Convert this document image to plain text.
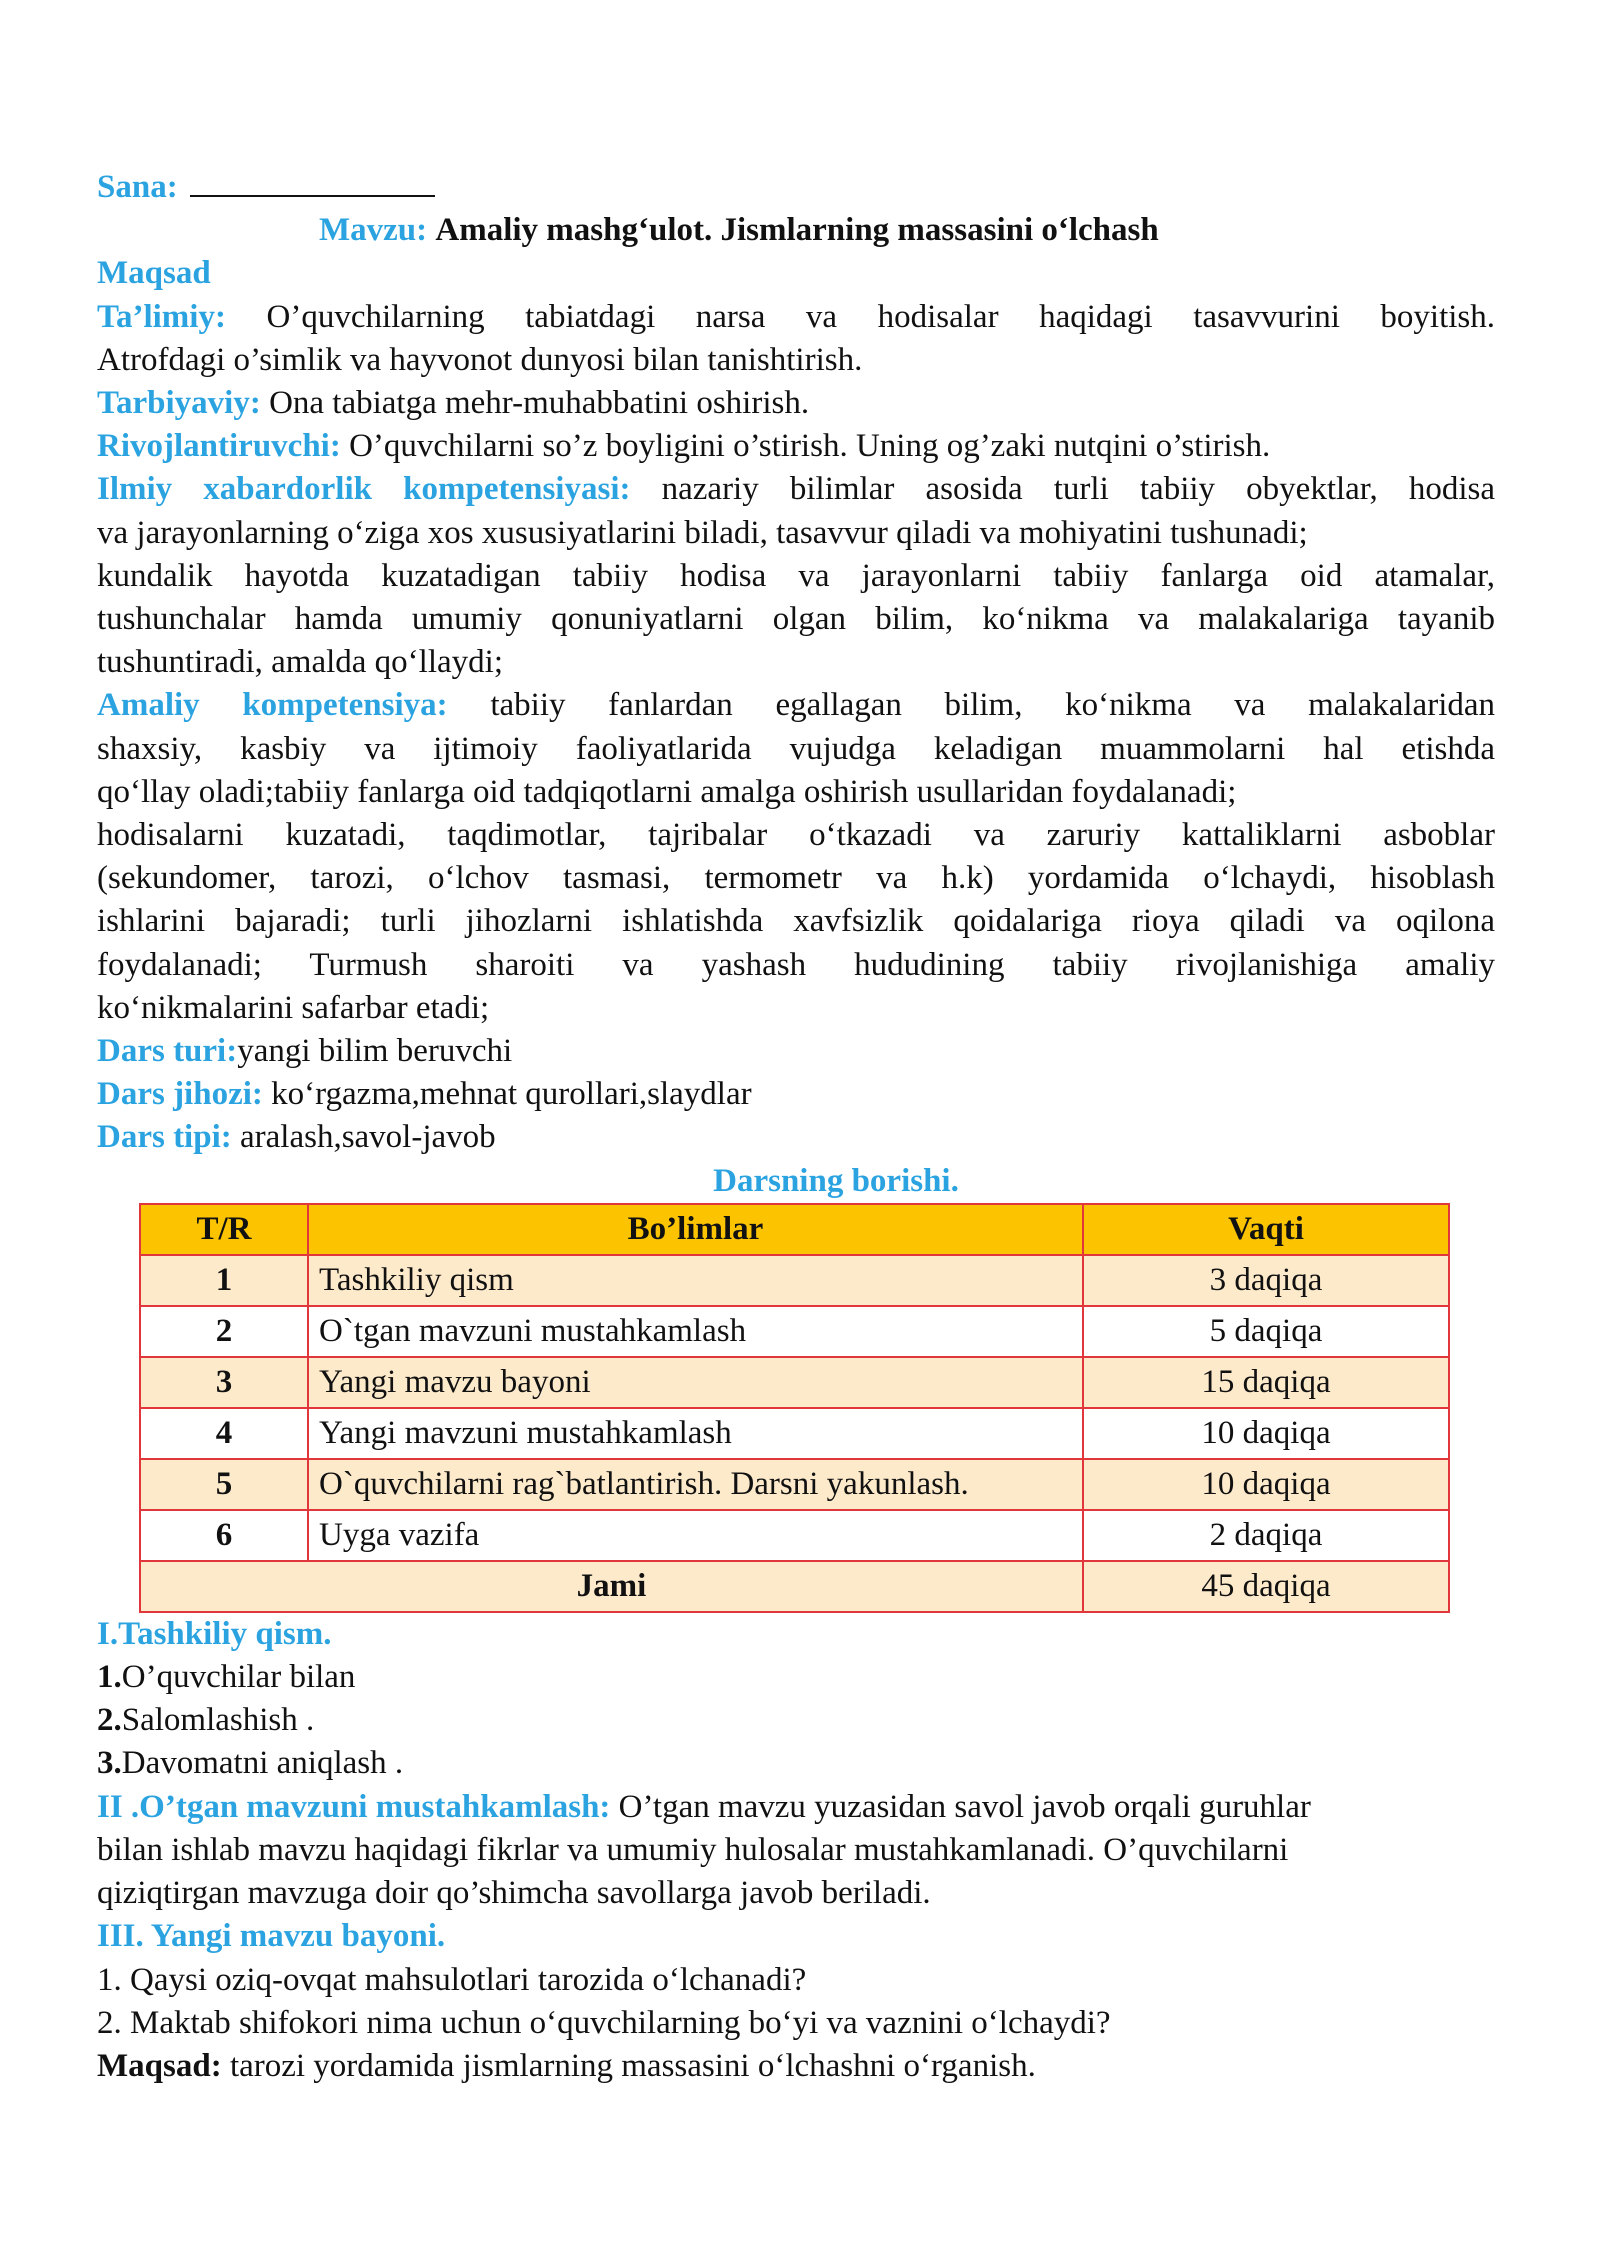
Sana:
Mavzu: Amaliy mashg‘ulot. Jismlarning massasini o‘lchash
Maqsad
Ta’limiy: O’quvchilarning tabiatdagi narsa va hodisalar haqidagi tasavvurini boyitish.
Atrofdagi o’simlik va hayvonot dunyosi bilan tanishtirish.
Tarbiyaviy: Ona tabiatga mehr-muhabbatini oshirish.
Rivojlantiruvchi: O’quvchilarni so’z boyligini o’stirish. Uning og’zaki nutqini o’stirish.
Ilmiy xabardorlik kompetensiyasi: nazariy bilimlar asosida turli tabiiy obyektlar, hodisa
va jarayonlarning o‘ziga xos xususiyatlarini biladi, tasavvur qiladi va mohiyatini tushunadi;
kundalik hayotda kuzatadigan tabiiy hodisa va jarayonlarni tabiiy fanlarga oid atamalar,
tushunchalar hamda umumiy qonuniyatlarni olgan bilim, ko‘nikma va malakalariga tayanib
tushuntiradi, amalda qo‘llaydi;
Amaliy kompetensiya: tabiiy fanlardan egallagan bilim, ko‘nikma va malakalaridan
shaxsiy, kasbiy va ijtimoiy faoliyatlarida vujudga keladigan muammolarni hal etishda
qo‘llay oladi;tabiiy fanlarga oid tadqiqotlarni amalga oshirish usullaridan foydalanadi;
hodisalarni kuzatadi, taqdimotlar, tajribalar o‘tkazadi va zaruriy kattaliklarni asboblar
(sekundomer, tarozi, o‘lchov tasmasi, termometr va h.k) yordamida o‘lchaydi, hisoblash
ishlarini bajaradi; turli jihozlarni ishlatishda xavfsizlik qoidalariga rioya qiladi va oqilona
foydalanadi; Turmush sharoiti va yashash hududining tabiiy rivojlanishiga amaliy
ko‘nikmalarini safarbar etadi;
Dars turi:yangi bilim beruvchi
Dars jihozi: ko‘rgazma,mehnat qurollari,slaydlar
Dars tipi: aralash,savol-javob
Darsning borishi.
T/R	Bo’limlar	Vaqti
1	Tashkiliy qism	3 daqiqa
2	O`tgan mavzuni mustahkamlash	5 daqiqa
3	Yangi mavzu bayoni	15 daqiqa
4	Yangi mavzuni mustahkamlash	10 daqiqa
5	O`quvchilarni rag`batlantirish. Darsni yakunlash.	10 daqiqa
6	Uyga vazifa	2 daqiqa
Jami		45 daqiqa
I.Tashkiliy qism.
1.O’quvchilar bilan
2.Salomlashish .
3.Davomatni aniqlash .
II .O’tgan mavzuni mustahkamlash: O’tgan mavzu yuzasidan savol javob orqali guruhlar
bilan ishlab mavzu haqidagi fikrlar va umumiy hulosalar mustahkamlanadi. O’quvchilarni
qiziqtirgan mavzuga doir qo’shimcha savollarga javob beriladi.
III. Yangi mavzu bayoni.
1. Qaysi oziq-ovqat mahsulotlari tarozida o‘lchanadi?
2. Maktab shifokori nima uchun o‘quvchilarning bo‘yi va vaznini o‘lchaydi?
Maqsad: tarozi yordamida jismlarning massasini o‘lchashni o‘rganish.
